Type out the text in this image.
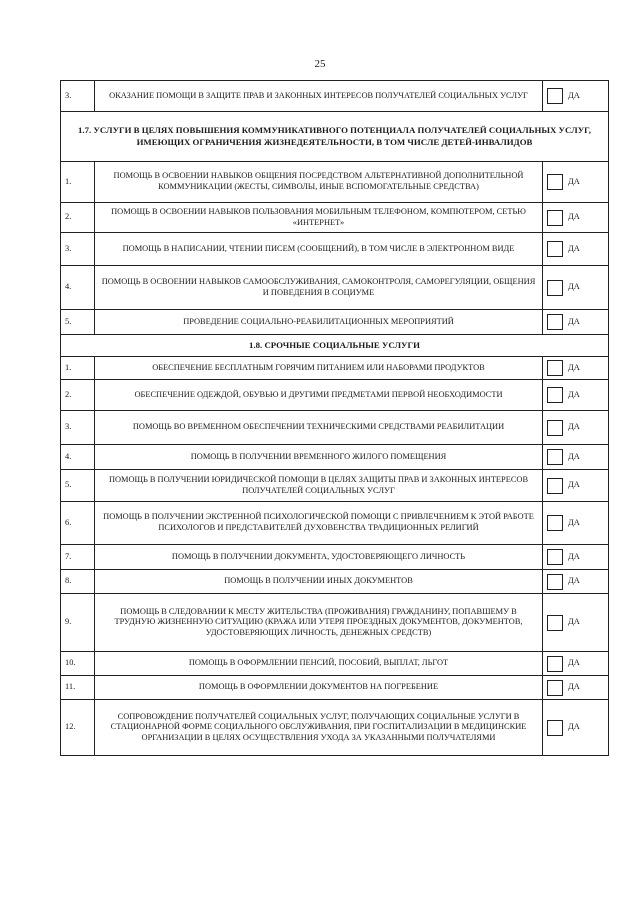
25
3.	ОКАЗАНИЕ ПОМОЩИ В ЗАЩИТЕ ПРАВ И ЗАКОННЫХ ИНТЕРЕСОВ ПОЛУЧАТЕЛЕЙ СОЦИАЛЬНЫХ УСЛУГ	ДА

1.7. УСЛУГИ В ЦЕЛЯХ ПОВЫШЕНИЯ КОММУНИКАТИВНОГО ПОТЕНЦИАЛА ПОЛУЧАТЕЛЕЙ СОЦИАЛЬНЫХ УСЛУГ, ИМЕЮЩИХ ОГРАНИЧЕНИЯ ЖИЗНЕДЕЯТЕЛЬНОСТИ, В ТОМ ЧИСЛЕ ДЕТЕЙ-ИНВАЛИДОВ		
1.	ПОМОЩЬ В ОСВОЕНИИ НАВЫКОВ ОБЩЕНИЯ ПОСРЕДСТВОМ АЛЬТЕРНАТИВНОЙ ДОПОЛНИТЕЛЬНОЙ КОММУНИКАЦИИ (ЖЕСТЫ, СИМВОЛЫ, ИНЫЕ ВСПОМОГАТЕЛЬНЫЕ СРЕДСТВА)	ДА

2.	ПОМОЩЬ В ОСВОЕНИИ НАВЫКОВ ПОЛЬЗОВАНИЯ МОБИЛЬНЫМ ТЕЛЕФОНОМ, КОМПЮТЕРОМ, СЕТЬЮ «ИНТЕРНЕТ»	ДА

3.	ПОМОЩЬ В НАПИСАНИИ, ЧТЕНИИ ПИСЕМ (СООБЩЕНИЙ), В ТОМ ЧИСЛЕ В ЭЛЕКТРОННОМ ВИДЕ	ДА

4.	ПОМОЩЬ В ОСВОЕНИИ НАВЫКОВ САМООБСЛУЖИВАНИЯ, САМОКОНТРОЛЯ, САМОРЕГУЛЯЦИИ, ОБЩЕНИЯ И ПОВЕДЕНИЯ В СОЦИУМЕ	ДА

5.	ПРОВЕДЕНИЕ СОЦИАЛЬНО-РЕАБИЛИТАЦИОННЫХ МЕРОПРИЯТИЙ	ДА

1.8. СРОЧНЫЕ СОЦИАЛЬНЫЕ УСЛУГИ		
1.	ОБЕСПЕЧЕНИЕ БЕСПЛАТНЫМ ГОРЯЧИМ ПИТАНИЕМ ИЛИ НАБОРАМИ ПРОДУКТОВ	ДА

2.	ОБЕСПЕЧЕНИЕ ОДЕЖДОЙ, ОБУВЬЮ И ДРУГИМИ ПРЕДМЕТАМИ ПЕРВОЙ НЕОБХОДИМОСТИ	ДА

3.	ПОМОЩЬ ВО ВРЕМЕННОМ ОБЕСПЕЧЕНИИ ТЕХНИЧЕСКИМИ СРЕДСТВАМИ РЕАБИЛИТАЦИИ	ДА

4.	ПОМОЩЬ В ПОЛУЧЕНИИ ВРЕМЕННОГО ЖИЛОГО ПОМЕЩЕНИЯ	ДА

5.	ПОМОЩЬ В ПОЛУЧЕНИИ ЮРИДИЧЕСКОЙ ПОМОЩИ В ЦЕЛЯХ ЗАЩИТЫ ПРАВ И ЗАКОННЫХ ИНТЕРЕСОВ ПОЛУЧАТЕЛЕЙ СОЦИАЛЬНЫХ УСЛУГ	ДА

6.	ПОМОЩЬ В ПОЛУЧЕНИИ ЭКСТРЕННОЙ ПСИХОЛОГИЧЕСКОЙ ПОМОЩИ С ПРИВЛЕЧЕНИЕМ К ЭТОЙ РАБОТЕ ПСИХОЛОГОВ И ПРЕДСТАВИТЕЛЕЙ ДУХОВЕНСТВА ТРАДИЦИОННЫХ РЕЛИГИЙ	ДА

7.	ПОМОЩЬ В ПОЛУЧЕНИИ ДОКУМЕНТА, УДОСТОВЕРЯЮЩЕГО ЛИЧНОСТЬ	ДА

8.	ПОМОЩЬ В ПОЛУЧЕНИИ ИНЫХ ДОКУМЕНТОВ	ДА

9.	ПОМОЩЬ В СЛЕДОВАНИИ К МЕСТУ ЖИТЕЛЬСТВА (ПРОЖИВАНИЯ) ГРАЖДАНИНУ, ПОПАВШЕМУ В ТРУДНУЮ ЖИЗНЕННУЮ СИТУАЦИЮ (КРАЖА ИЛИ УТЕРЯ ПРОЕЗДНЫХ ДОКУМЕНТОВ, ДОКУМЕНТОВ, УДОСТОВЕРЯЮЩИХ ЛИЧНОСТЬ, ДЕНЕЖНЫХ СРЕДСТВ)	ДА

10.	ПОМОЩЬ В ОФОРМЛЕНИИ ПЕНСИЙ, ПОСОБИЙ, ВЫПЛАТ, ЛЬГОТ	ДА

11.	ПОМОЩЬ В ОФОРМЛЕНИИ ДОКУМЕНТОВ НА ПОГРЕБЕНИЕ	ДА

12.	СОПРОВОЖДЕНИЕ ПОЛУЧАТЕЛЕЙ СОЦИАЛЬНЫХ УСЛУГ, ПОЛУЧАЮЩИХ СОЦИАЛЬНЫЕ УСЛУГИ В СТАЦИОНАРНОЙ ФОРМЕ СОЦИАЛЬНОГО ОБСЛУЖИВАНИЯ, ПРИ ГОСПИТАЛИЗАЦИИ В МЕДИЦИНСКИЕ ОРГАНИЗАЦИИ В ЦЕЛЯХ ОСУЩЕСТВЛЕНИЯ УХОДА ЗА УКАЗАННЫМИ ПОЛУЧАТЕЛЯМИ	ДА
